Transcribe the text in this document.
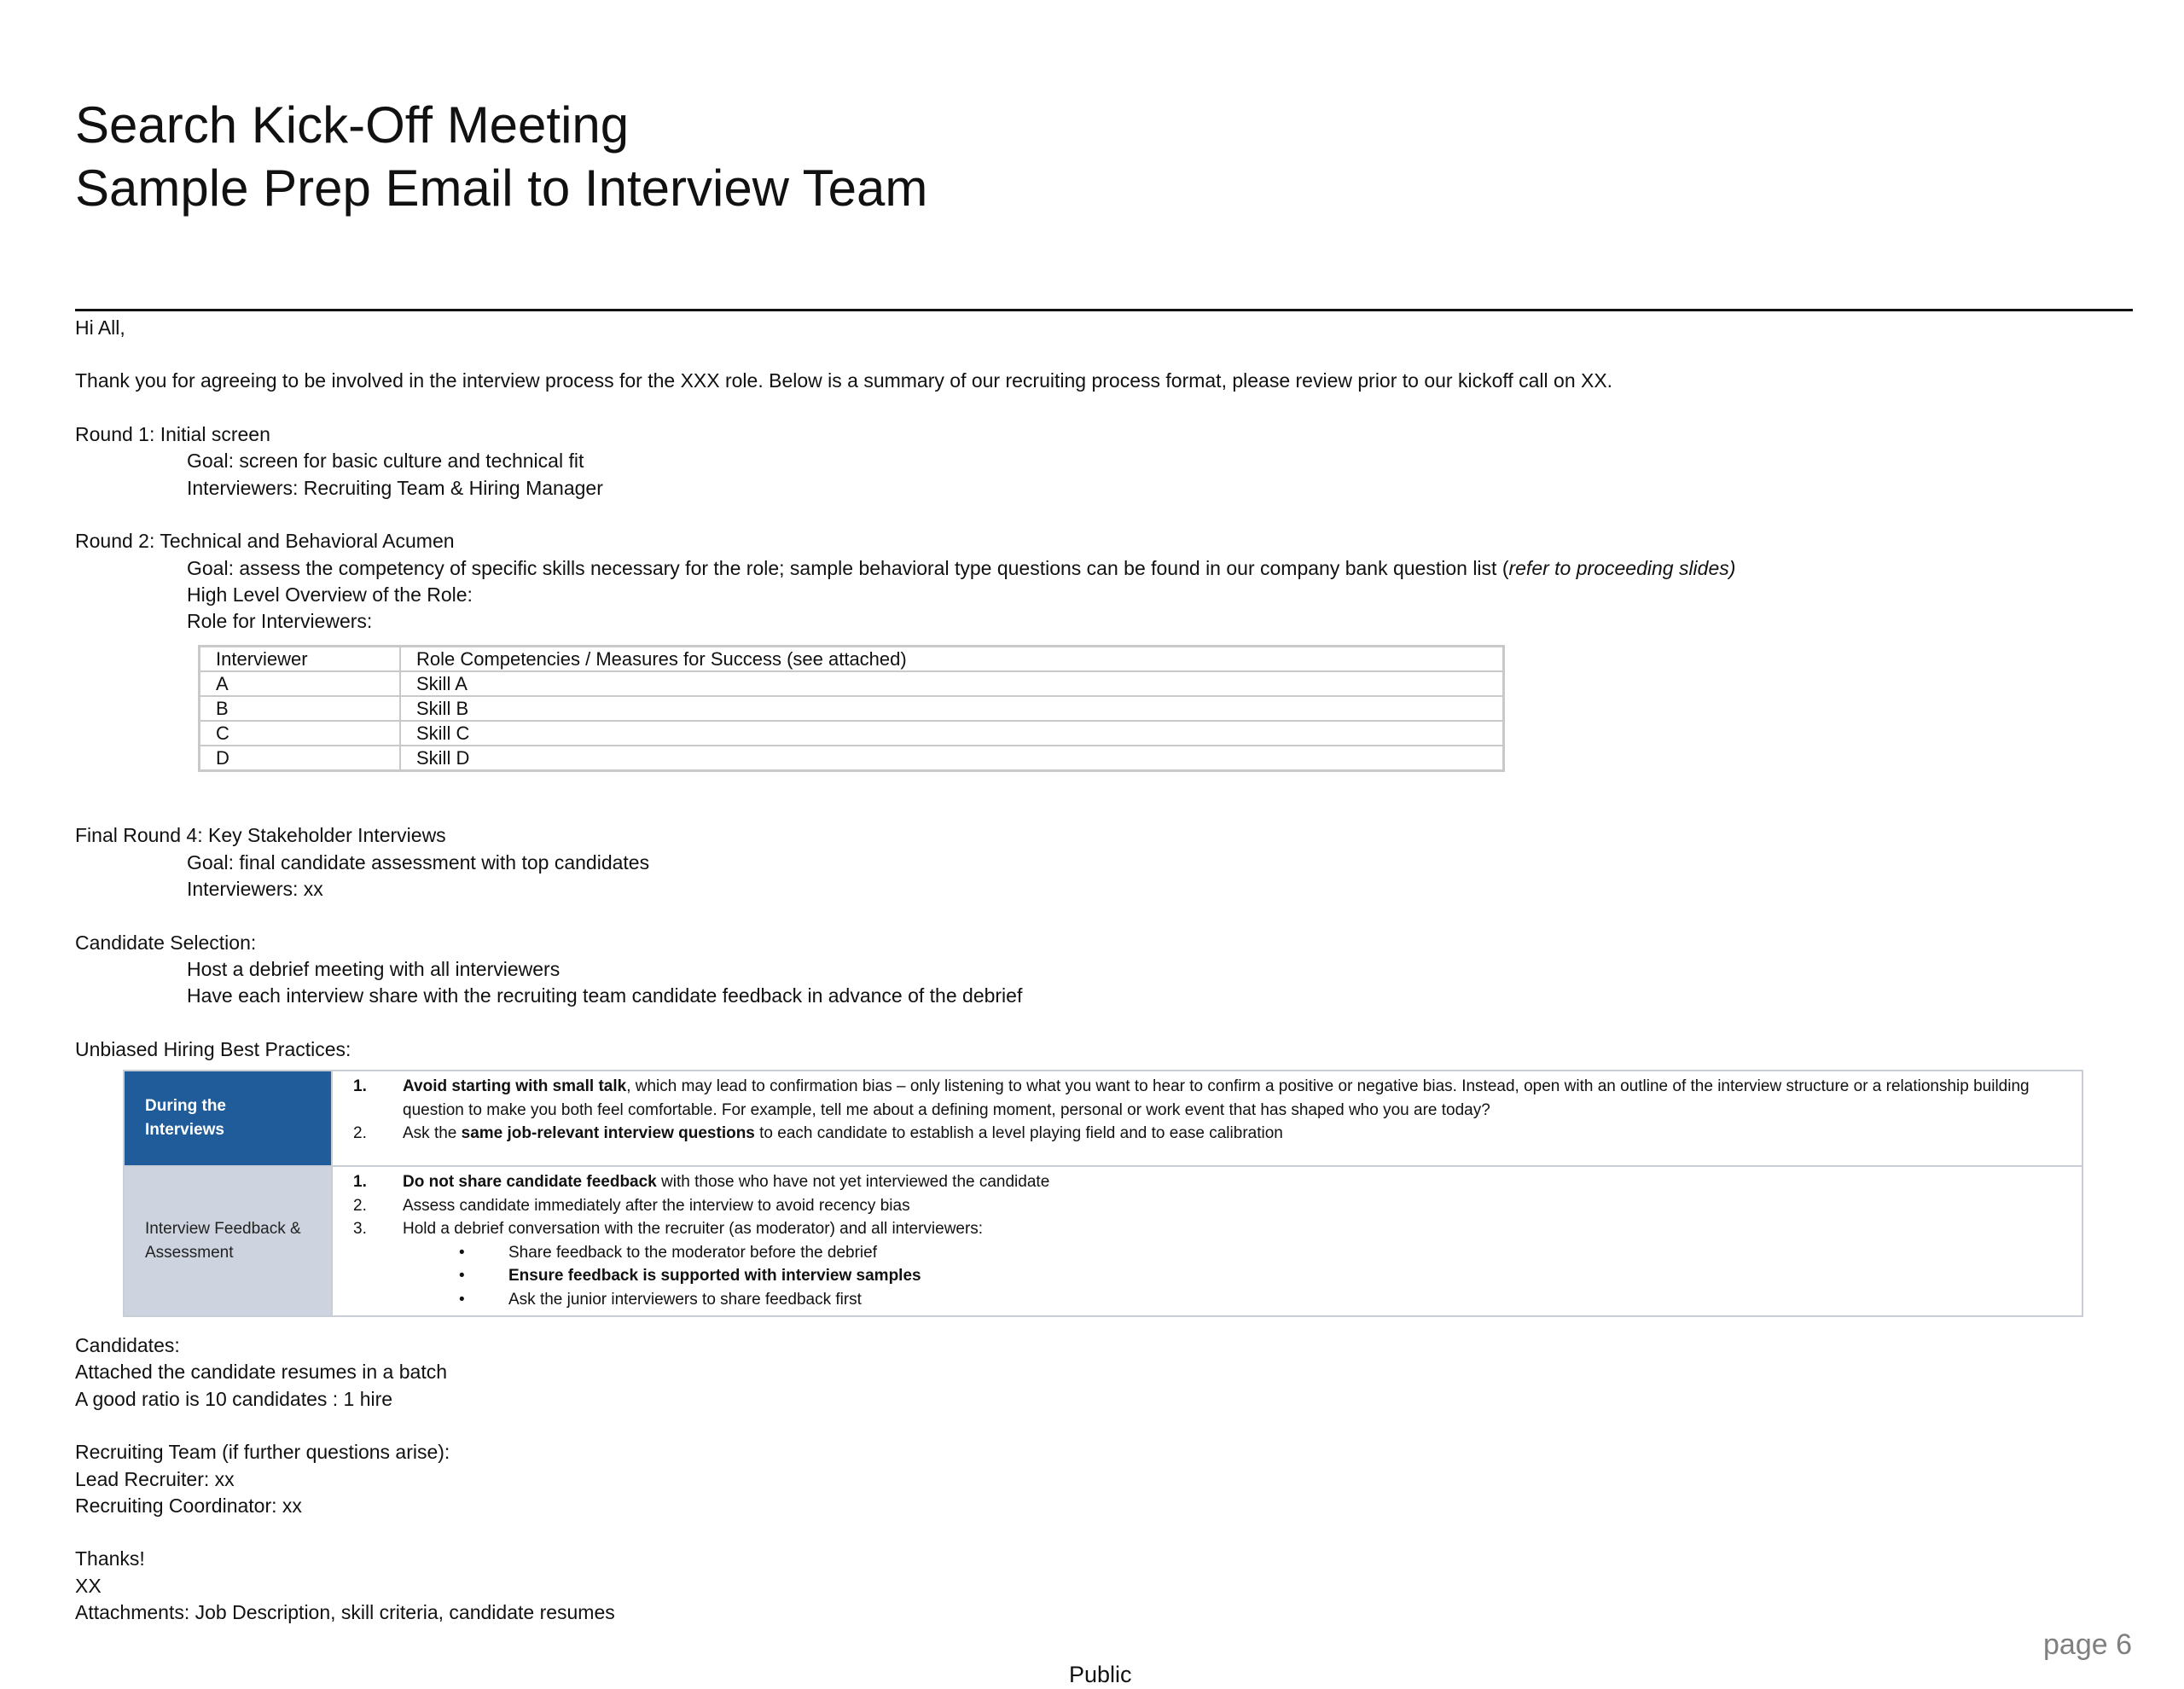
Search Kick-Off Meeting
Sample Prep Email to Interview Team
Hi All,
Thank you for agreeing to be involved in the interview process for the XXX role. Below is a summary of our recruiting process format, please review prior to our kickoff call on XX.
Round 1: Initial screen
Goal: screen for basic culture and technical fit
Interviewers: Recruiting Team & Hiring Manager
Round 2: Technical and Behavioral Acumen
Goal: assess the competency of specific skills necessary for the role; sample behavioral type questions can be found in our company bank question list (refer to proceeding slides)
High Level Overview of the Role:
Role for Interviewers:
Interviewer	Role Competencies / Measures for Success (see attached)
A	Skill A
B	Skill B
C	Skill C
D	Skill D
Final Round 4: Key Stakeholder Interviews
Goal: final candidate assessment with top candidates
Interviewers: xx
Candidate Selection:
Host a debrief meeting with all interviewers
Have each interview share with the recruiting team candidate feedback in advance of the debrief
Unbiased Hiring Best Practices:
During the Interviews
1.	Avoid starting with small talk, which may lead to confirmation bias – only listening to what you want to hear to confirm a positive or negative bias. Instead, open with an outline of the interview structure or a relationship building question to make you both feel comfortable. For example, tell me about a defining moment, personal or work event that has shaped who you are today?
2.	Ask the same job-relevant interview questions to each candidate to establish a level playing field and to ease calibration
Interview Feedback & Assessment
1.	Do not share candidate feedback with those who have not yet interviewed the candidate
2.	Assess candidate immediately after the interview to avoid recency bias
3.	Hold a debrief conversation with the recruiter (as moderator) and all interviewers:
•	Share feedback to the moderator before the debrief
•	Ensure feedback is supported with interview samples
•	Ask the junior interviewers to share feedback first
Candidates:
Attached the candidate resumes in a batch
A good ratio is 10 candidates : 1 hire
Recruiting Team (if further questions arise):
Lead Recruiter: xx
Recruiting Coordinator: xx
Thanks!
XX
Attachments: Job Description, skill criteria, candidate resumes
page 6
Public
